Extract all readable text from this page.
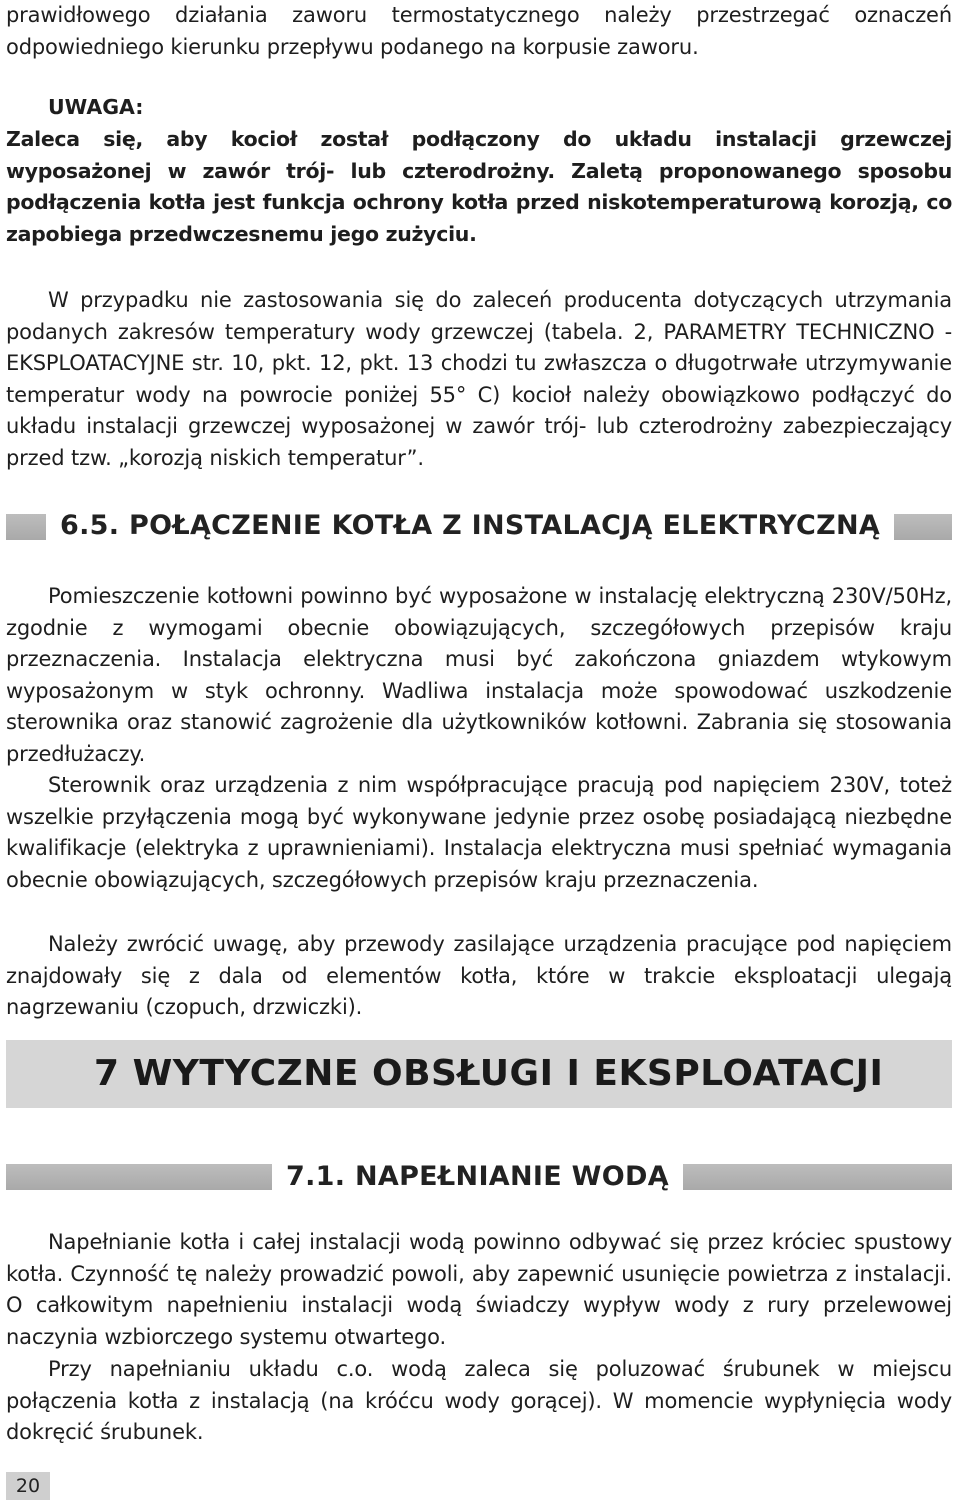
prawidłowego działania zaworu termostatycznego należy przestrzegać oznaczeń odpowiedniego kierunku przepływu podanego na korpusie zaworu.

UWAGA:

Zaleca się, aby kocioł został podłączony do układu instalacji grzewczej wyposażonej w zawór trój- lub czterodrożny. Zaletą proponowanego sposobu podłączenia kotła jest funkcja ochrony kotła przed niskotemperaturową korozją, co zapobiega przedwczesnemu jego zużyciu.

W przypadku nie zastosowania się do zaleceń producenta dotyczących utrzymania podanych zakresów temperatury wody grzewczej (tabela. 2, PARAMETRY TECHNICZNO - EKSPLOATACYJNE str. 10, pkt. 12, pkt. 13 chodzi tu zwłaszcza o długotrwałe utrzymywanie temperatur wody na powrocie poniżej 55° C) kocioł należy obowiązkowo podłączyć do układu instalacji grzewczej wyposażonej w zawór trój- lub czterodrożny zabezpieczający przed tzw. „korozją niskich temperatur”.

6.5. POŁĄCZENIE KOTŁA Z INSTALACJĄ ELEKTRYCZNĄ

Pomieszczenie kotłowni powinno być wyposażone w instalację elektryczną 230V/50Hz, zgodnie z wymogami obecnie obowiązujących, szczegółowych przepisów kraju przeznaczenia. Instalacja elektryczna musi być zakończona gniazdem wtykowym wyposażonym w styk ochronny. Wadliwa instalacja może spowodować uszkodzenie sterownika oraz stanowić zagrożenie dla użytkowników kotłowni. Zabrania się stosowania przedłużaczy.

Sterownik oraz urządzenia z nim współpracujące pracują pod napięciem 230V, toteż wszelkie przyłączenia mogą być wykonywane jedynie przez osobę posiadającą niezbędne kwalifikacje (elektryka z uprawnieniami). Instalacja elektryczna musi spełniać wymagania obecnie obowiązujących, szczegółowych przepisów kraju przeznaczenia.

Należy zwrócić uwagę, aby przewody zasilające urządzenia pracujące pod napięciem znajdowały się z dala od elementów kotła, które w trakcie eksploatacji ulegają nagrzewaniu (czopuch, drzwiczki).

7 WYTYCZNE OBSŁUGI I EKSPLOATACJI
7.1. NAPEŁNIANIE WODĄ

Napełnianie kotła i całej instalacji wodą powinno odbywać się przez króciec spustowy kotła. Czynność tę należy prowadzić powoli, aby zapewnić usunięcie powietrza z instalacji. O całkowitym napełnieniu instalacji wodą świadczy wypływ wody z rury przelewowej naczynia wzbiorczego systemu otwartego.

Przy napełnianiu układu c.o. wodą zaleca się poluzować śrubunek w miejscu połączenia kotła z instalacją (na króćcu wody gorącej). W momencie wypłynięcia wody dokręcić śrubunek.

20
